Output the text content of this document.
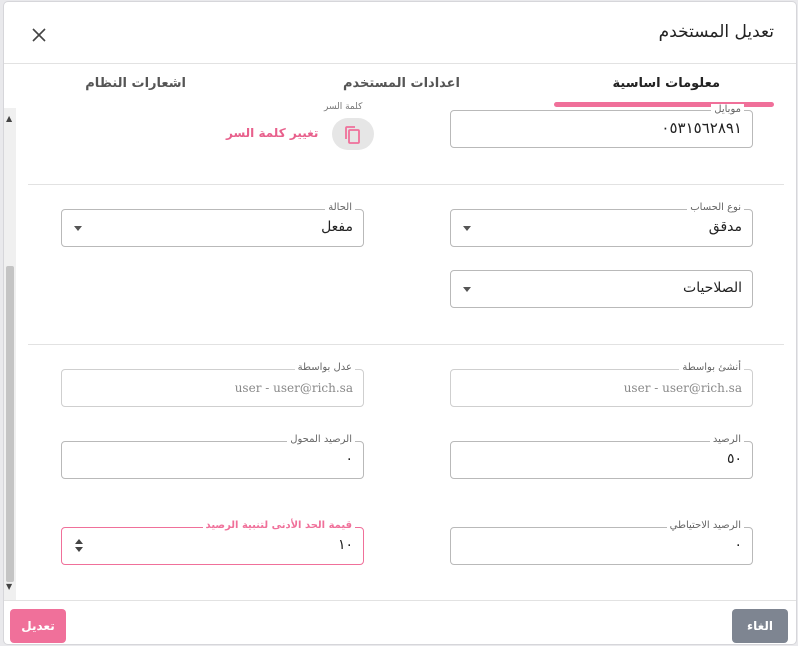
تعديل المستخدم
معلومات اساسية
اعدادات المستخدم
اشعارات النظام
▲
▼
موبايل
٠٥٣١٥٦٢٨٩١
كلمة السر
تغيير كلمة السر
نوع الحساب
مدقق
الحالة
مفعل
الصلاحيات
أنشئ بواسطة
user - user@rich.sa
عدل بواسطة
user - user@rich.sa
الرصيد
٥٠
الرصيد المحول
٠
الرصيد الاحتياطي
٠
قيمة الحد الأدنى لتنبية الرصيد
١٠
الغاء
تعديل
